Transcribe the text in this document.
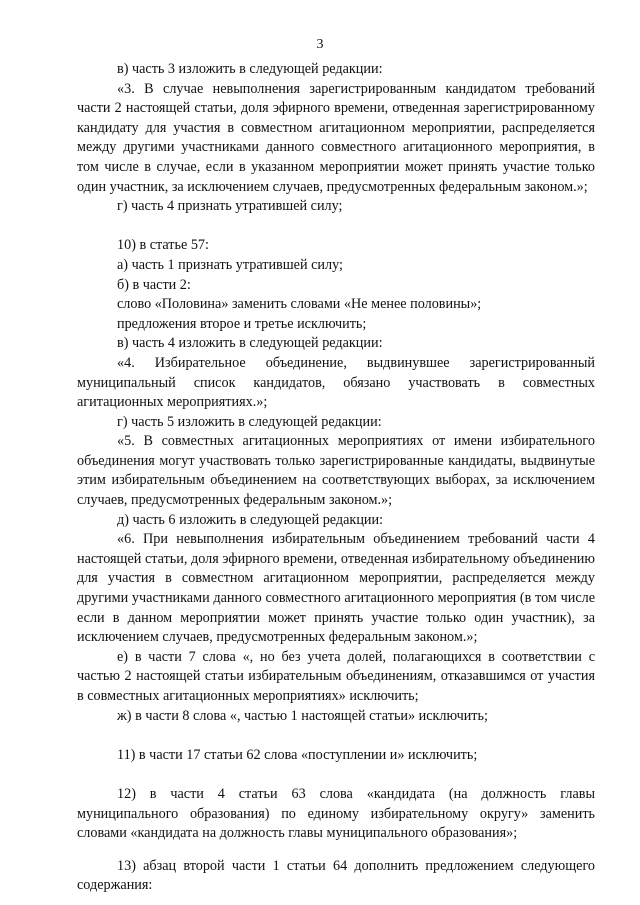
3

в) часть 3 изложить в следующей редакции:

«3. В случае невыполнения зарегистрированным кандидатом требований части 2 настоящей статьи, доля эфирного времени, отведенная зарегистрированному кандидату для участия в совместном агитационном мероприятии, распределяется между другими участниками данного совместного агитационного мероприятия, в том числе в случае, если в указанном мероприятии может принять участие только один участник, за исключением случаев, предусмотренных федеральным законом.»;

г) часть 4 признать утратившей силу;

10) в статье 57:

а) часть 1 признать утратившей силу;

б) в части 2:

слово «Половина» заменить словами «Не менее половины»;

предложения второе и третье исключить;

в) часть 4 изложить в следующей редакции:

«4. Избирательное объединение, выдвинувшее зарегистрированный муниципальный список кандидатов, обязано участвовать в совместных агитационных мероприятиях.»;

г) часть 5 изложить в следующей редакции:

«5. В совместных агитационных мероприятиях от имени избирательного объединения могут участвовать только зарегистрированные кандидаты, выдвинутые этим избирательным объединением на соответствующих выборах, за исключением случаев, предусмотренных федеральным законом.»;

д) часть 6 изложить в следующей редакции:

«6. При невыполнения избирательным объединением требований части 4 настоящей статьи, доля эфирного времени, отведенная избирательному объединению для участия в совместном агитационном мероприятии, распределяется между другими участниками данного совместного агитационного мероприятия (в том числе если в данном мероприятии может принять участие только один участник), за исключением случаев, предусмотренных федеральным законом.»;

е) в части 7 слова «, но без учета долей, полагающихся в соответствии с частью 2 настоящей статьи избирательным объединениям, отказавшимся от участия в совместных агитационных мероприятиях» исключить;

ж) в части 8 слова «, частью 1 настоящей статьи» исключить;

11) в части 17 статьи 62 слова «поступлении и» исключить;

12) в части 4 статьи 63 слова «кандидата (на должность главы муниципального образования) по единому избирательному округу» заменить словами «кандидата на должность главы муниципального образования»;

13) абзац второй части 1 статьи 64 дополнить предложением следующего содержания:
